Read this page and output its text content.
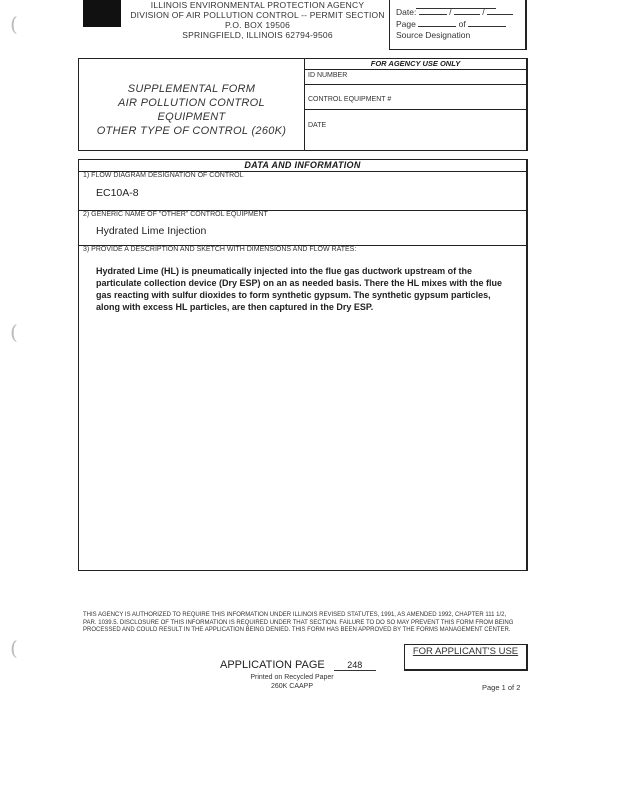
(
(
(
ILLINOIS ENVIRONMENTAL PROTECTION AGENCY
DIVISION OF AIR POLLUTION CONTROL -- PERMIT SECTION
P.O. BOX 19506
SPRINGFIELD, ILLINOIS 62794-9506
Date:	/	/
Page	of
Source Designation
SUPPLEMENTAL FORM
AIR POLLUTION CONTROL
EQUIPMENT
OTHER TYPE OF CONTROL (260K)
FOR AGENCY USE ONLY
ID NUMBER
CONTROL EQUIPMENT #
DATE
DATA AND INFORMATION
1) FLOW DIAGRAM DESIGNATION OF CONTROL
EC10A-8
2) GENERIC NAME OF "OTHER" CONTROL EQUIPMENT
Hydrated Lime Injection
3) PROVIDE A DESCRIPTION AND SKETCH WITH DIMENSIONS AND FLOW RATES:
Hydrated Lime (HL) is pneumatically injected into the flue gas ductwork upstream of the particulate collection device (Dry ESP) on an as needed basis. There the HL mixes with the flue gas reacting with sulfur dioxides to form synthetic gypsum. The synthetic gypsum particles, along with excess HL particles, are then captured in the Dry ESP.
THIS AGENCY IS AUTHORIZED TO REQUIRE THIS INFORMATION UNDER ILLINOIS REVISED STATUTES, 1991, AS AMENDED 1992, CHAPTER 111 1/2, PAR. 1039.5. DISCLOSURE OF THIS INFORMATION IS REQUIRED UNDER THAT SECTION. FAILURE TO DO SO MAY PREVENT THIS FORM FROM BEING PROCESSED AND COULD RESULT IN THE APPLICATION BEING DENIED. THIS FORM HAS BEEN APPROVED BY THE FORMS MANAGEMENT CENTER.
APPLICATION PAGE	248
FOR APPLICANT'S USE
Printed on Recycled Paper
260K CAAPP	Page 1 of 2
